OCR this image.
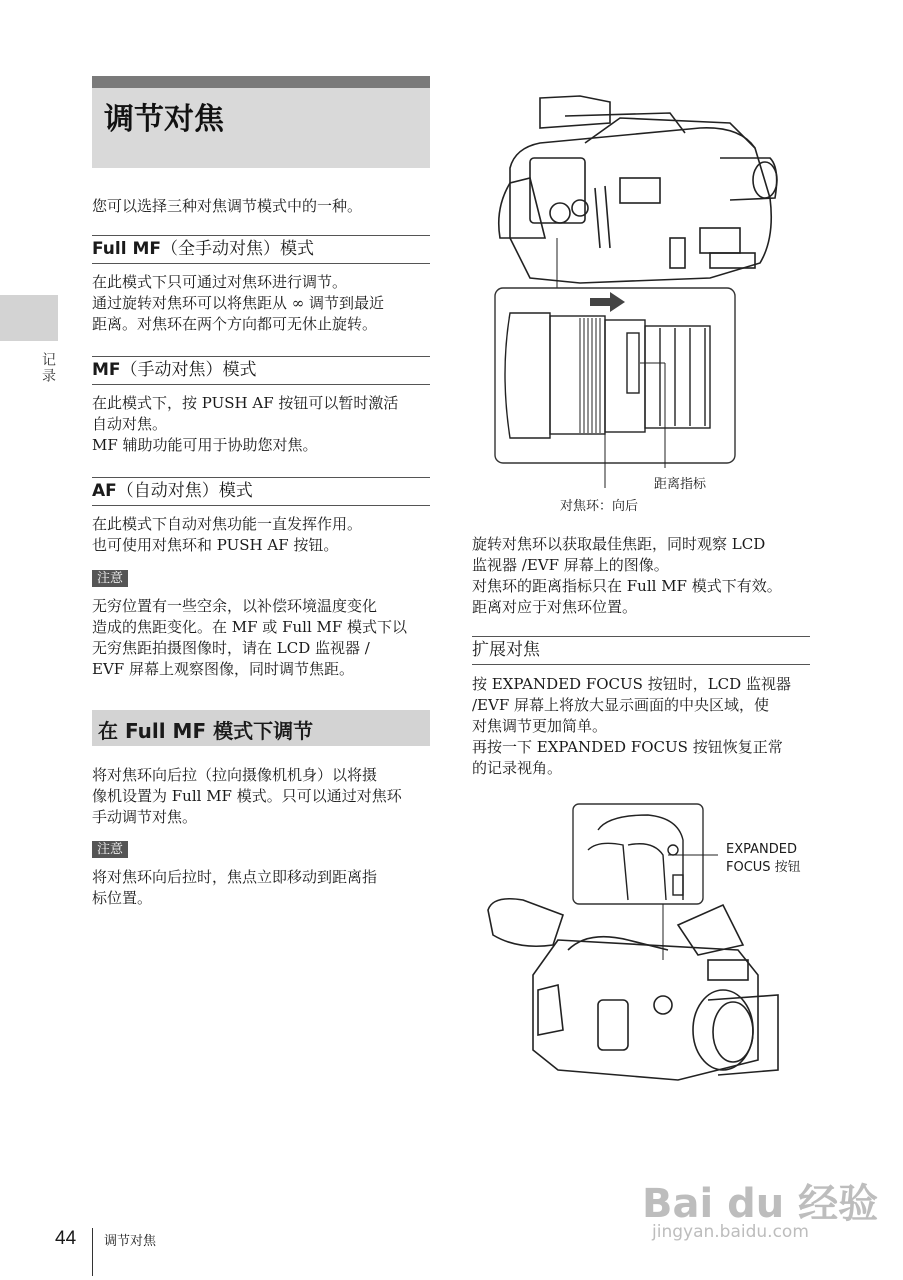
记录
调节对焦

您可以选择三种对焦调节模式中的一种。

Full MF（全手动对焦）模式

在此模式下只可通过对焦环进行调节。

通过旋转对焦环可以将焦距从 ∞ 调节到最近

距离。对焦环在两个方向都可无休止旋转。

MF（手动对焦）模式

在此模式下，按 PUSH AF 按钮可以暂时激活

自动对焦。

MF 辅助功能可用于协助您对焦。

AF（自动对焦）模式

在此模式下自动对焦功能一直发挥作用。

也可使用对焦环和 PUSH AF 按钮。

注意

无穷位置有一些空余，以补偿环境温度变化

造成的焦距变化。在 MF 或 Full MF 模式下以

无穷焦距拍摄图像时，请在 LCD 监视器 /

EVF 屏幕上观察图像，同时调节焦距。

在 Full MF 模式下调节

将对焦环向后拉（拉向摄像机机身）以将摄

像机设置为 Full MF 模式。只可以通过对焦环

手动调节对焦。

注意

将对焦环向后拉时，焦点立即移动到距离指

标位置。

距离指标
对焦环：向后

旋转对焦环以获取最佳焦距，同时观察 LCD

监视器 /EVF 屏幕上的图像。

对焦环的距离指标只在 Full MF 模式下有效。

距离对应于对焦环位置。

扩展对焦

按 EXPANDED FOCUS 按钮时，LCD 监视器

/EVF 屏幕上将放大显示画面的中央区域，使

对焦调节更加简单。

再按一下 EXPANDED FOCUS 按钮恢复正常

的记录视角。

EXPANDED
FOCUS 按钮
Bai du 经验
jingyan.baidu.com
44 调节对焦
